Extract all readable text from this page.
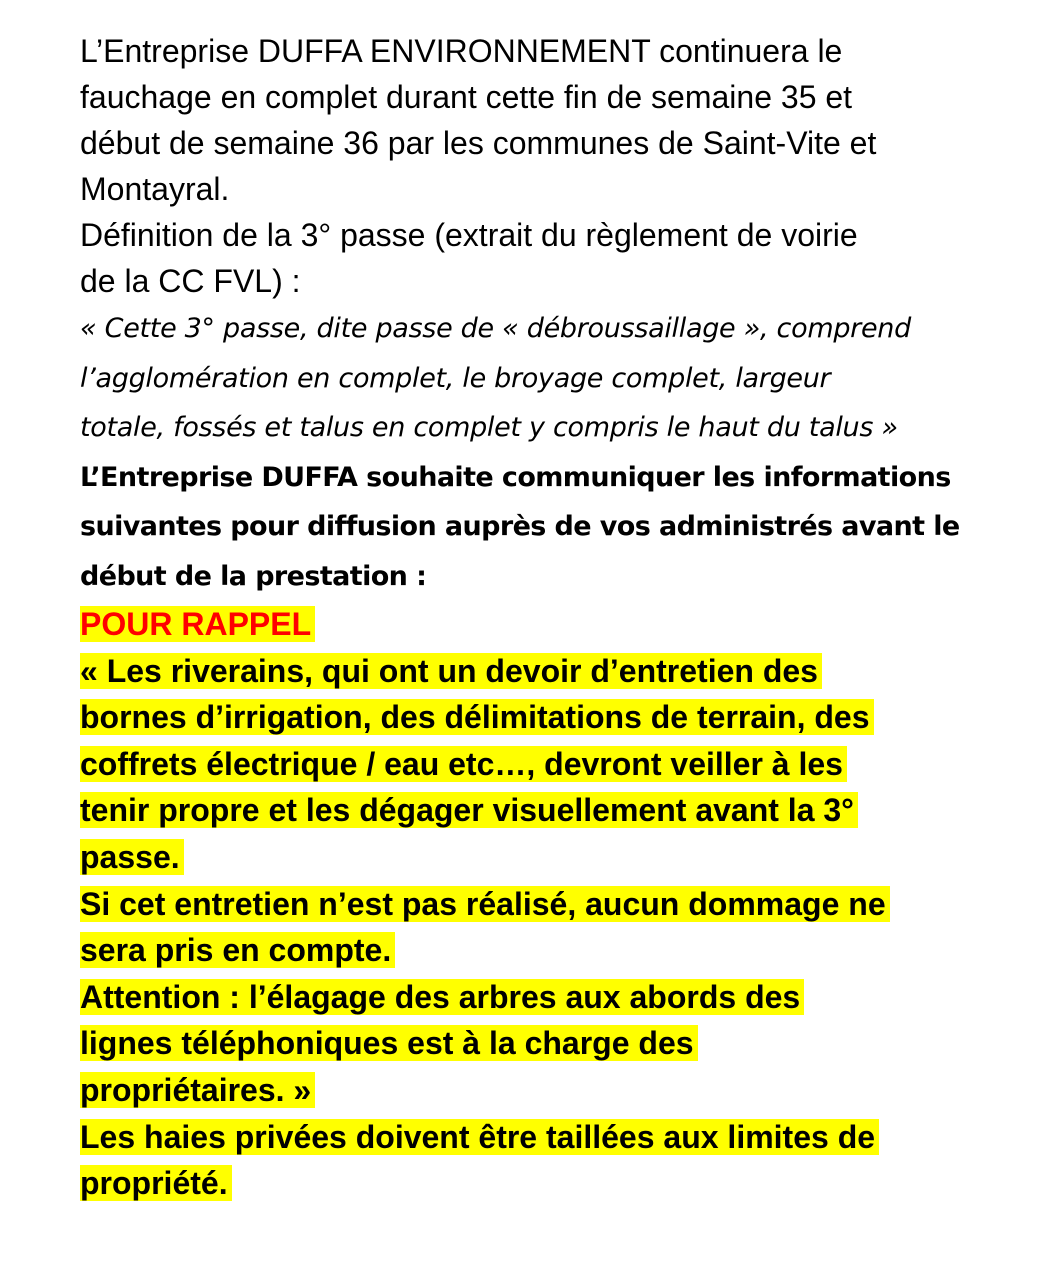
L’Entreprise DUFFA ENVIRONNEMENT continuera le
fauchage en complet durant cette fin de semaine 35 et
début de semaine 36 par les communes de Saint-Vite et
Montayral.
Définition de la 3° passe (extrait du règlement de voirie
de la CC FVL) :
« Cette 3° passe, dite passe de « débroussaillage », comprend
l’agglomération en complet, le broyage complet, largeur
totale, fossés et talus en complet y compris le haut du talus »
L’Entreprise DUFFA souhaite communiquer les informations
suivantes pour diffusion auprès de vos administrés avant le
début de la prestation :
POUR RAPPEL
« Les riverains, qui ont un devoir d’entretien des
bornes d’irrigation, des délimitations de terrain, des
coffrets électrique / eau etc…, devront veiller à les
tenir propre et les dégager visuellement avant la 3°
passe.
Si cet entretien n’est pas réalisé, aucun dommage ne
sera pris en compte.
Attention : l’élagage des arbres aux abords des
lignes téléphoniques est à la charge des
propriétaires. »
Les haies privées doivent être taillées aux limites de
propriété.
